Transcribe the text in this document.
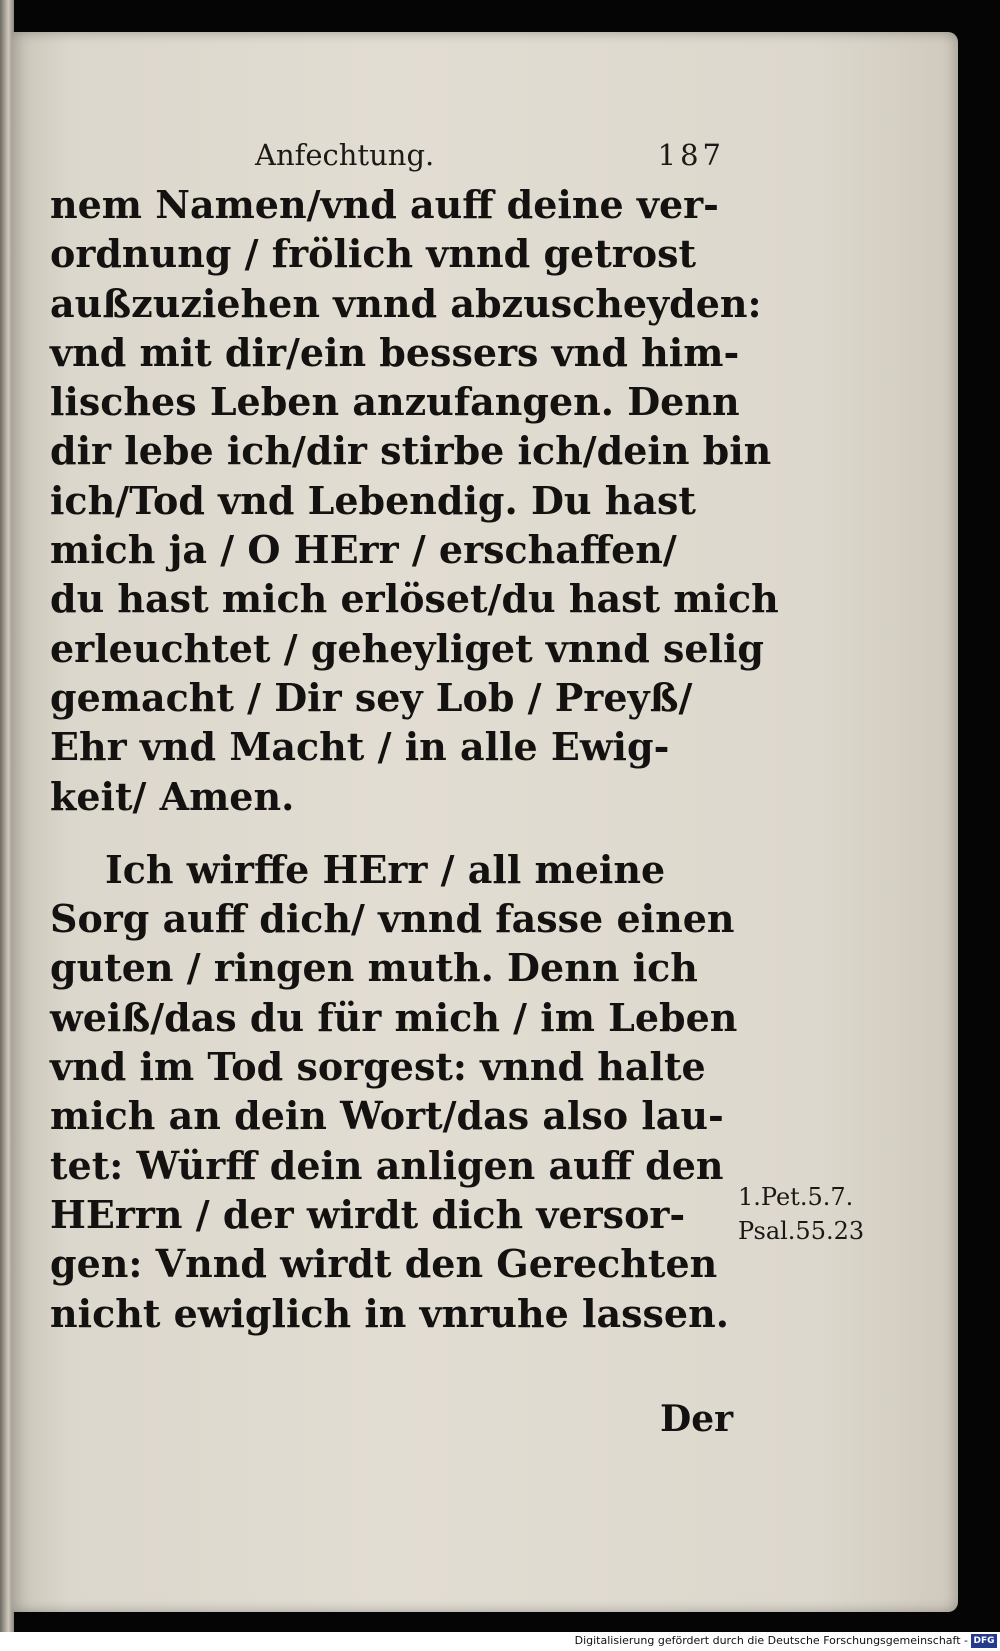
Anfechtung.	187
nem Namen/vnd auff deine ver-
ordnung / frölich vnnd getrost
außzuziehen vnnd abzuscheyden:
vnd mit dir/ein bessers vnd him-
lisches Leben anzufangen. Denn
dir lebe ich/dir stirbe ich/dein bin
ich/Tod vnd Lebendig. Du hast
mich ja / O HErr / erschaffen/
du hast mich erlöset/du hast mich
erleuchtet / geheyliget vnnd selig
gemacht / Dir sey Lob / Preyß/
Ehr vnd Macht / in alle Ewig-
keit/ Amen.
Ich wirffe HErr / all meine
Sorg auff dich/ vnnd fasse einen
guten / ringen muth. Denn ich
weiß/das du für mich / im Leben
vnd im Tod sorgest: vnnd halte
mich an dein Wort/das also lau-
tet: Würff dein anligen auff den
HErrn / der wirdt dich versor-
gen: Vnnd wirdt den Gerechten
nicht ewiglich in vnruhe lassen.
1.Pet.5.7.
Psal.55.23
Der
Digitalisierung gefördert durch die Deutsche Forschungsgemeinschaft - DFG
